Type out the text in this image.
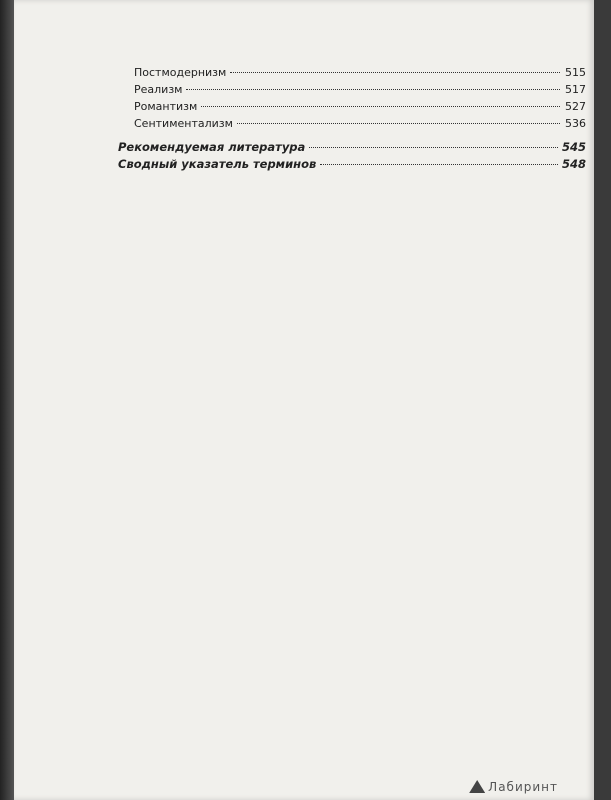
Постмодернизм	515
Реализм	517
Романтизм	527
Сентиментализм	536
Рекомендуемая литература	545
Сводный указатель терминов	548
Лабиринт
